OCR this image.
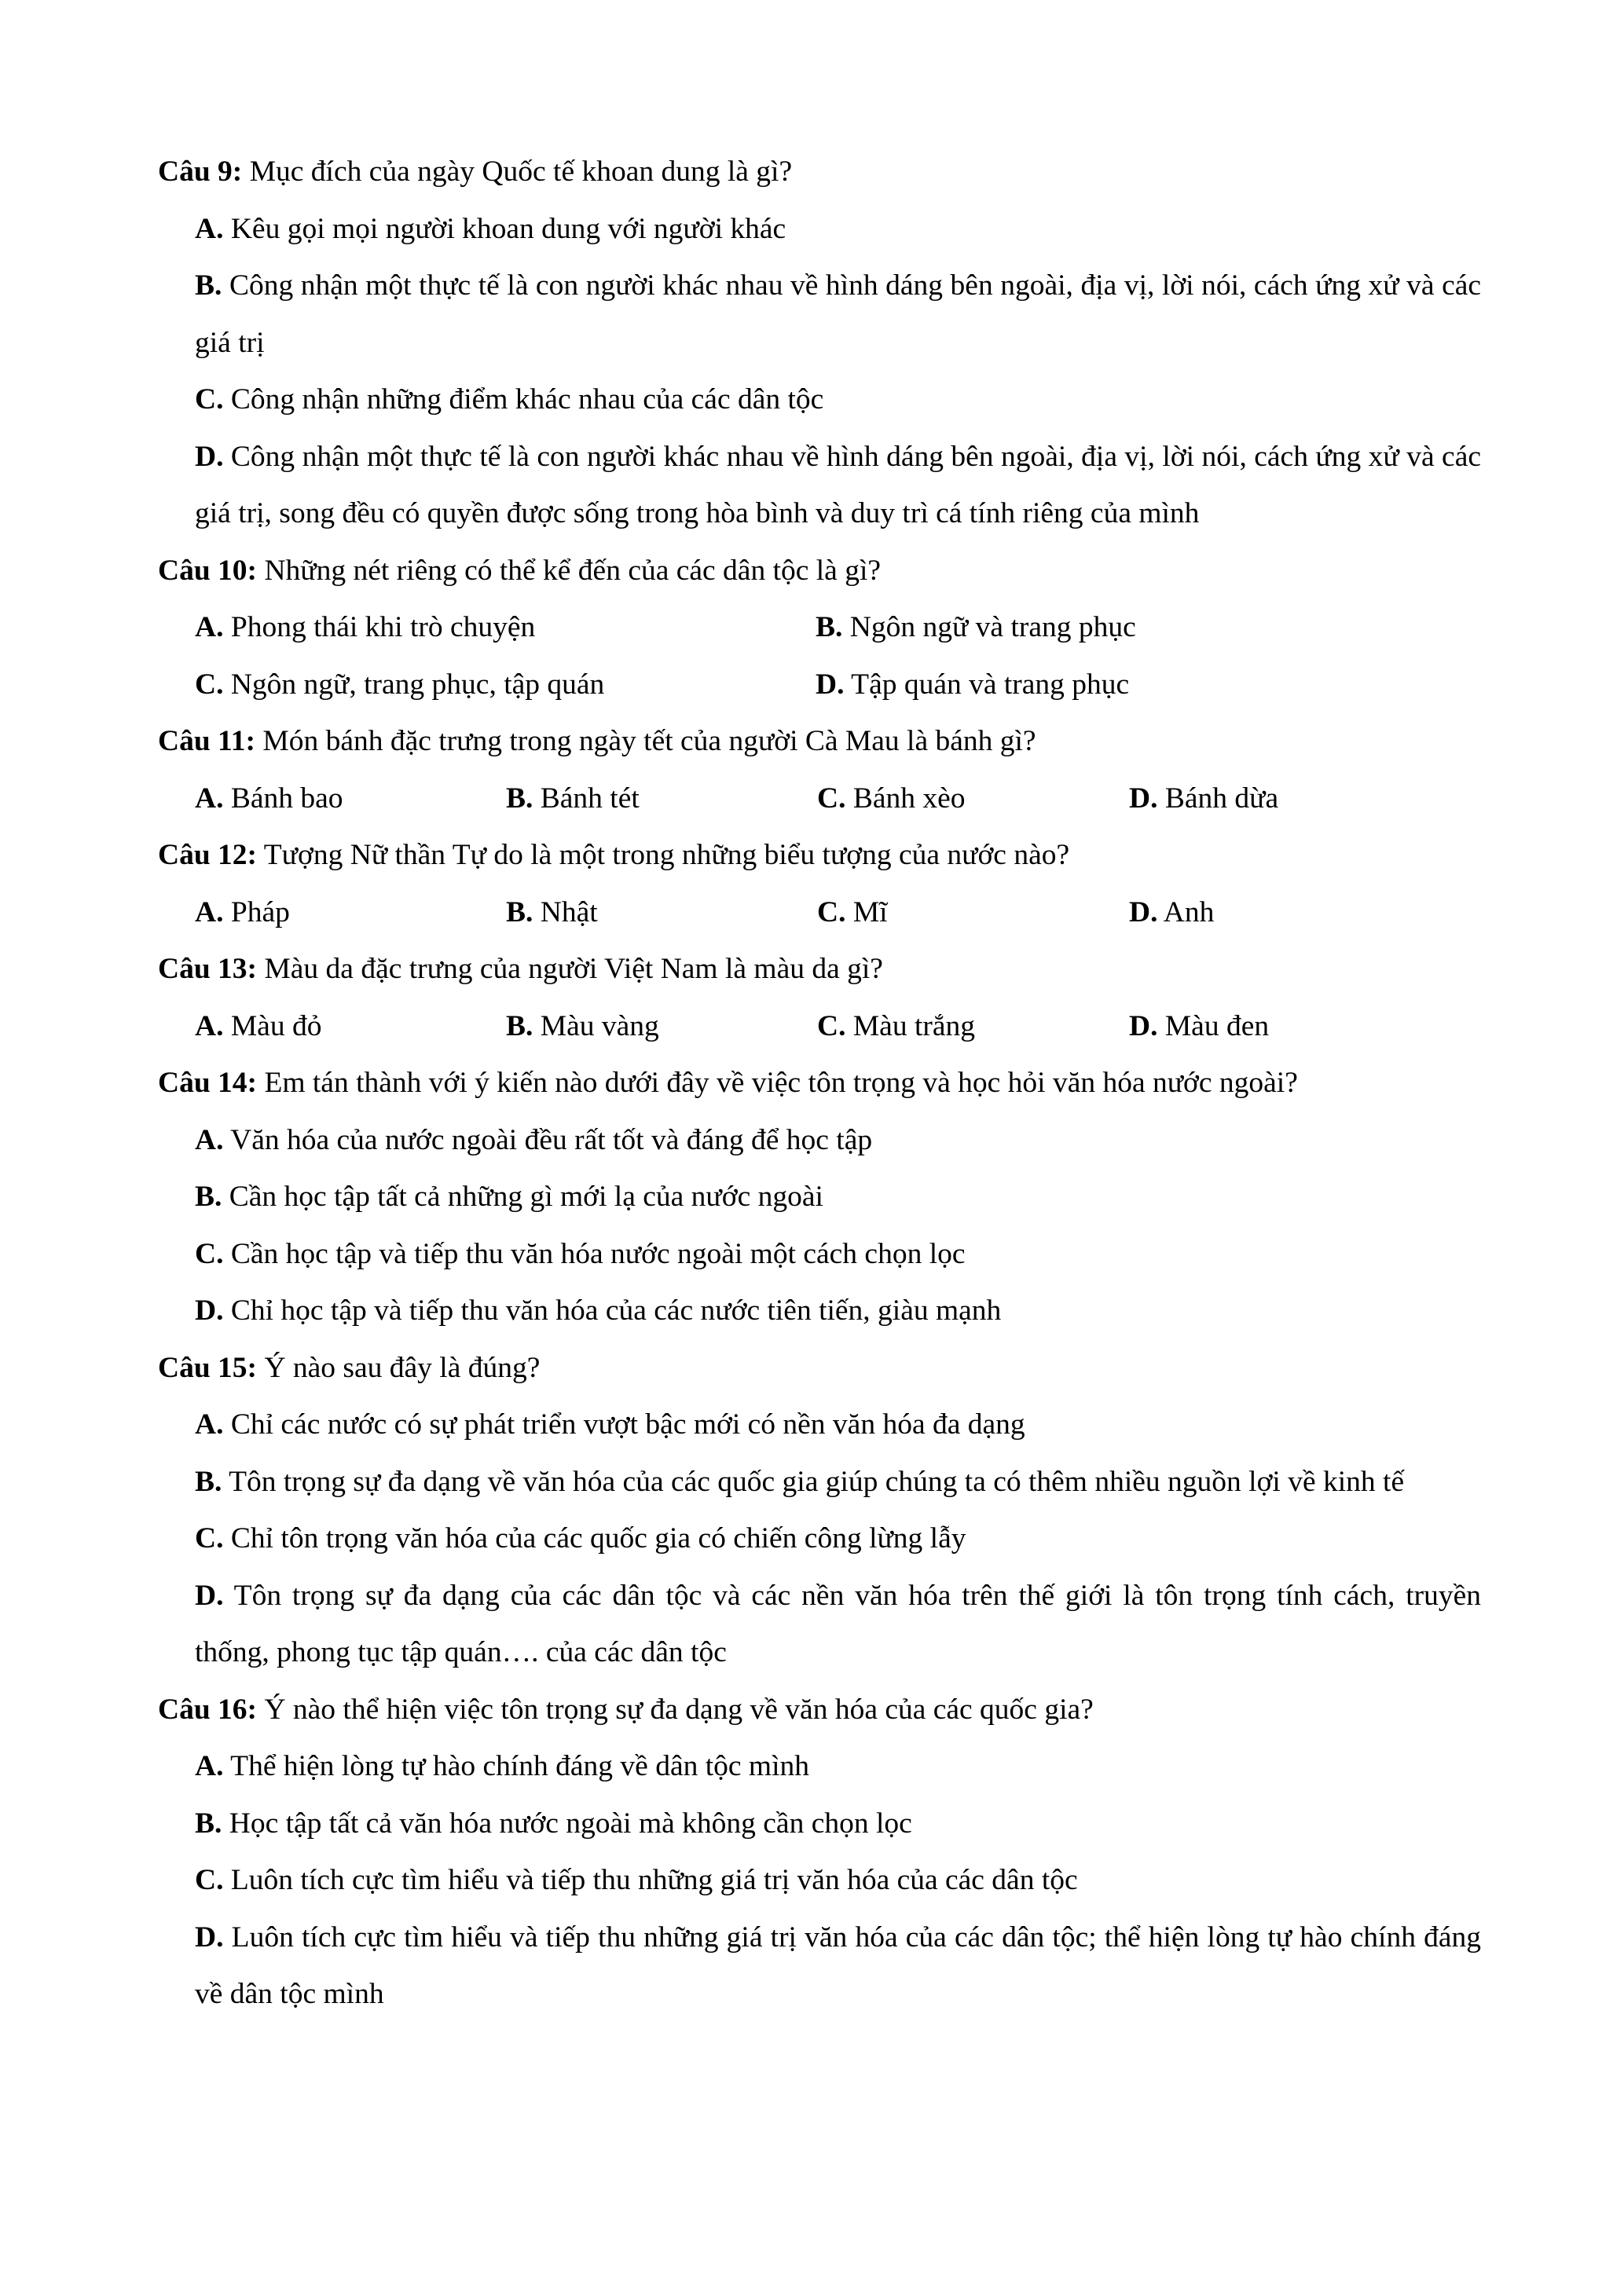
Câu 9: Mục đích của ngày Quốc tế khoan dung là gì?
A. Kêu gọi mọi người khoan dung với người khác
B. Công nhận một thực tế là con người khác nhau về hình dáng bên ngoài, địa vị, lời nói, cách ứng xử và các giá trị
C. Công nhận những điểm khác nhau của các dân tộc
D. Công nhận một thực tế là con người khác nhau về hình dáng bên ngoài, địa vị, lời nói, cách ứng xử và các giá trị, song đều có quyền được sống trong hòa bình và duy trì cá tính riêng của mình
Câu 10: Những nét riêng có thể kể đến của các dân tộc là gì?
A. Phong thái khi trò chuyện	B. Ngôn ngữ và trang phục
C. Ngôn ngữ, trang phục, tập quán	D. Tập quán và trang phục
Câu 11: Món bánh đặc trưng trong ngày tết của người Cà Mau là bánh gì?
A. Bánh bao	B. Bánh tét	C. Bánh xèo	D. Bánh dừa
Câu 12: Tượng Nữ thần Tự do là một trong những biểu tượng của nước nào?
A. Pháp	B. Nhật	C. Mĩ	D. Anh
Câu 13: Màu da đặc trưng của người Việt Nam là màu da gì?
A. Màu đỏ	B. Màu vàng	C. Màu trắng	D. Màu đen
Câu 14: Em tán thành với ý kiến nào dưới đây về việc tôn trọng và học hỏi văn hóa nước ngoài?
A. Văn hóa của nước ngoài đều rất tốt và đáng để học tập
B. Cần học tập tất cả những gì mới lạ của nước ngoài
C. Cần học tập và tiếp thu văn hóa nước ngoài một cách chọn lọc
D. Chỉ học tập và tiếp thu văn hóa của các nước tiên tiến, giàu mạnh
Câu 15: Ý nào sau đây là đúng?
A. Chỉ các nước có sự phát triển vượt bậc mới có nền văn hóa đa dạng
B. Tôn trọng sự đa dạng về văn hóa của các quốc gia giúp chúng ta có thêm nhiều nguồn lợi về kinh tế
C. Chỉ tôn trọng văn hóa của các quốc gia có chiến công lừng lẫy
D. Tôn trọng sự đa dạng của các dân tộc và các nền văn hóa trên thế giới là tôn trọng tính cách, truyền thống, phong tục tập quán…. của các dân tộc
Câu 16: Ý nào thể hiện việc tôn trọng sự đa dạng về văn hóa của các quốc gia?
A. Thể hiện lòng tự hào chính đáng về dân tộc mình
B. Học tập tất cả văn hóa nước ngoài mà không cần chọn lọc
C. Luôn tích cực tìm hiểu và tiếp thu những giá trị văn hóa của các dân tộc
D. Luôn tích cực tìm hiểu và tiếp thu những giá trị văn hóa của các dân tộc; thể hiện lòng tự hào chính đáng về dân tộc mình
